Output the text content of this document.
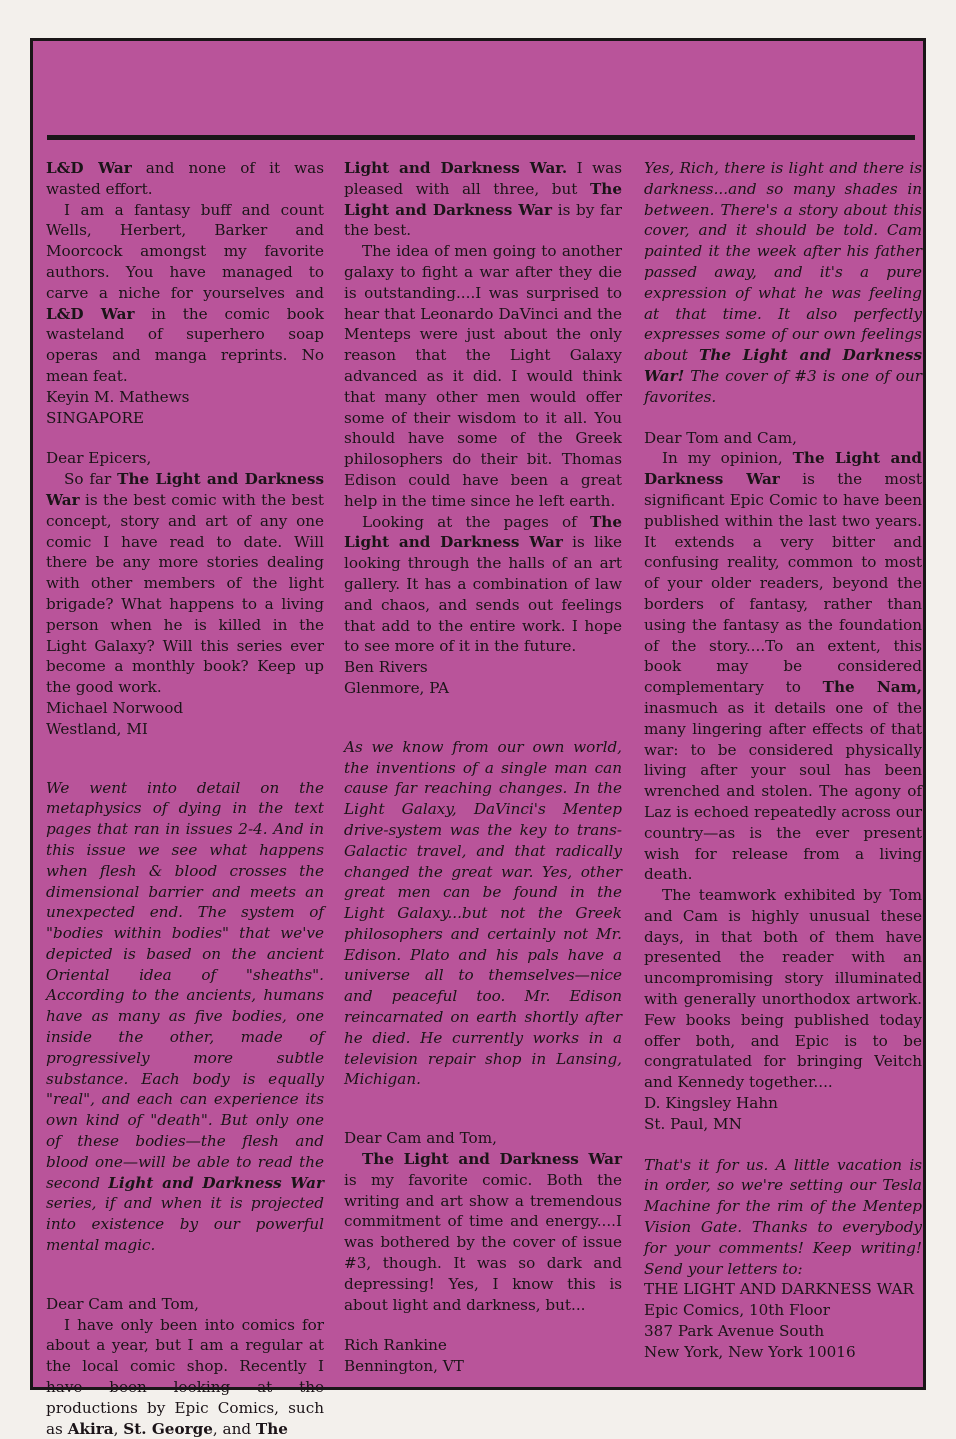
L&D War and none of it was wasted effort.

I am a fantasy buff and count Wells, Herbert, Barker and Moorcock amongst my favorite authors. You have managed to carve a niche for yourselves and L&D War in the comic book wasteland of superhero soap operas and manga reprints. No mean feat.

Keyin M. Mathews

SINGAPORE

Dear Epicers,

So far The Light and Darkness War is the best comic with the best concept, story and art of any one comic I have read to date. Will there be any more stories dealing with other members of the light brigade? What happens to a living person when he is killed in the Light Galaxy? Will this series ever become a monthly book? Keep up the good work.

Michael Norwood

Westland, MI

We went into detail on the metaphysics of dying in the text pages that ran in issues 2-4. And in this issue we see what happens when flesh & blood crosses the dimensional barrier and meets an unexpected end. The system of "bodies within bodies" that we've depicted is based on the ancient Oriental idea of "sheaths". According to the ancients, humans have as many as five bodies, one inside the other, made of progressively more subtle substance. Each body is equally "real", and each can experience its own kind of "death". But only one of these bodies—the flesh and blood one—will be able to read the second Light and Darkness War series, if and when it is projected into existence by our powerful mental magic.

Dear Cam and Tom,

I have only been into comics for about a year, but I am a regular at the local comic shop. Recently I have been looking at the productions by Epic Comics, such as Akira, St. George, and The

Light and Darkness War. I was pleased with all three, but The Light and Darkness War is by far the best.

The idea of men going to another galaxy to fight a war after they die is outstanding....I was surprised to hear that Leonardo DaVinci and the Menteps were just about the only reason that the Light Galaxy advanced as it did. I would think that many other men would offer some of their wisdom to it all. You should have some of the Greek philosophers do their bit. Thomas Edison could have been a great help in the time since he left earth.

Looking at the pages of The Light and Darkness War is like looking through the halls of an art gallery. It has a combination of law and chaos, and sends out feelings that add to the entire work. I hope to see more of it in the future.

Ben Rivers

Glenmore, PA

As we know from our own world, the inventions of a single man can cause far reaching changes. In the Light Galaxy, DaVinci's Mentep drive-system was the key to trans-Galactic travel, and that radically changed the great war. Yes, other great men can be found in the Light Galaxy...but not the Greek philosophers and certainly not Mr. Edison. Plato and his pals have a universe all to themselves—nice and peaceful too. Mr. Edison reincarnated on earth shortly after he died. He currently works in a television repair shop in Lansing, Michigan.

Dear Cam and Tom,

The Light and Darkness War is my favorite comic. Both the writing and art show a tremendous commitment of time and energy....I was bothered by the cover of issue #3, though. It was so dark and depressing! Yes, I know this is about light and darkness, but...

Rich Rankine

Bennington, VT

Yes, Rich, there is light and there is darkness...and so many shades in between. There's a story about this cover, and it should be told. Cam painted it the week after his father passed away, and it's a pure expression of what he was feeling at that time. It also perfectly expresses some of our own feelings about The Light and Darkness War! The cover of #3 is one of our favorites.

Dear Tom and Cam,

In my opinion, The Light and Darkness War is the most significant Epic Comic to have been published within the last two years. It extends a very bitter and confusing reality, common to most of your older readers, beyond the borders of fantasy, rather than using the fantasy as the foundation of the story....To an extent, this book may be considered complementary to The Nam, inasmuch as it details one of the many lingering after effects of that war: to be considered physically living after your soul has been wrenched and stolen. The agony of Laz is echoed repeatedly across our country—as is the ever present wish for release from a living death.

The teamwork exhibited by Tom and Cam is highly unusual these days, in that both of them have presented the reader with an uncompromising story illuminated with generally unorthodox artwork. Few books being published today offer both, and Epic is to be congratulated for bringing Veitch and Kennedy together....

D. Kingsley Hahn

St. Paul, MN

That's it for us. A little vacation is in order, so we're setting our Tesla Machine for the rim of the Mentep Vision Gate. Thanks to everybody for your comments! Keep writing! Send your letters to:

THE LIGHT AND DARKNESS WAR

Epic Comics, 10th Floor

387 Park Avenue South

New York, New York 10016
